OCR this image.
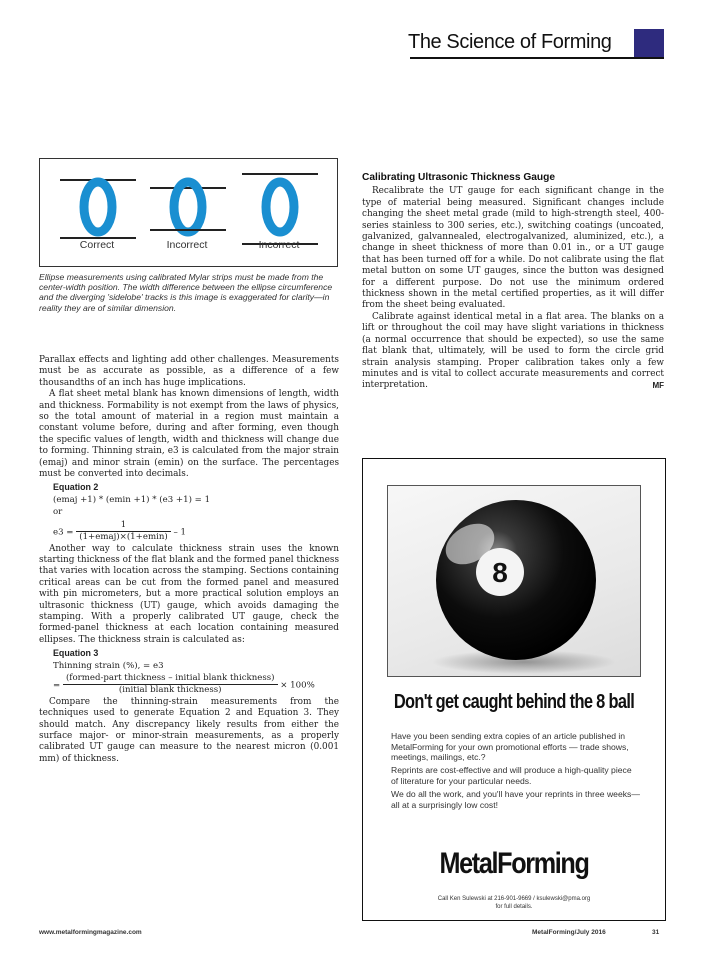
The Science of Forming
Correct	Incorrect	Incorrect
Ellipse measurements using calibrated Mylar strips must be made from the center-width position. The width difference between the ellipse circumference and the diverging 'sidelobe' tracks is this image is exaggerated for clarity—in reality they are of similar dimension.

Parallax effects and lighting add other challenges. Measurements must be as accurate as possible, as a difference of a few thousandths of an inch has huge implications.

A flat sheet metal blank has known dimensions of length, width and thickness. Formability is not exempt from the laws of physics, so the total amount of material in a region must maintain a constant volume before, during and after forming, even though the specific values of length, width and thickness will change due to forming. Thinning strain, e3 is calculated from the major strain (emaj) and minor strain (emin) on the surface. The percentages must be converted into decimals.

Equation 2
(emaj +1) * (emin +1) * (e3 +1) = 1
or
$e3 = \frac{1}{\text{(1+emaj)×(1+emin)}} - 1$

Another way to calculate thickness strain uses the known starting thickness of the flat blank and the formed panel thickness that varies with location across the stamping. Sections containing critical areas can be cut from the formed panel and measured with pin micrometers, but a more practical solution employs an ultrasonic thickness (UT) gauge, which avoids damaging the stamping. With a properly calibrated UT gauge, check the formed-panel thickness at each location containing measured ellipses. The thickness strain is calculated as:

Equation 3
Thinning strain (%), = e3
= $\frac{\text{(formed-part thickness – initial blank thickness)}}{\text{(initial blank thickness)}} \times 100\%$

Compare the thinning-strain measurements from the techniques used to generate Equation 2 and Equation 3. They should match. Any discrepancy likely results from either the surface major- or minor-strain measurements, as a properly calibrated UT gauge can measure to the nearest micron (0.001 mm) of thickness.

Calibrating Ultrasonic Thickness Gauge

Recalibrate the UT gauge for each significant change in the type of material being measured. Significant changes include changing the sheet metal grade (mild to high-strength steel, 400-series stainless to 300 series, etc.), switching coatings (uncoated, galvanized, galvannealed, electrogalvanized, aluminized, etc.), a change in sheet thickness of more than 0.01 in., or a UT gauge that has been turned off for a while. Do not calibrate using the flat metal button on some UT gauges, since the button was designed for a different purpose. Do not use the minimum ordered thickness shown in the metal certified properties, as it will differ from the sheet being evaluated.

Calibrate against identical metal in a flat area. The blanks on a lift or throughout the coil may have slight variations in thickness (a normal occurrence that should be expected), so use the same flat blank that, ultimately, will be used to form the circle grid strain analysis stamping. Proper calibration takes only a few minutes and is vital to collect accurate measurements and correct interpretation.	MF

8
Don't get caught behind the 8 ball
Have you been sending extra copies of an article published in MetalForming for your own promotional efforts — trade shows, meetings, mailings, etc.?
Reprints are cost-effective and will produce a high-quality piece of literature for your particular needs.
We do all the work, and you'll have your reprints in three weeks—all at a surprisingly low cost!
MetalForming
Call Ken Sulewski at 216-901-9669 / ksulewski@pma.org
for full details.
www.metalformingmagazine.com	MetalForming/July 2016	31
